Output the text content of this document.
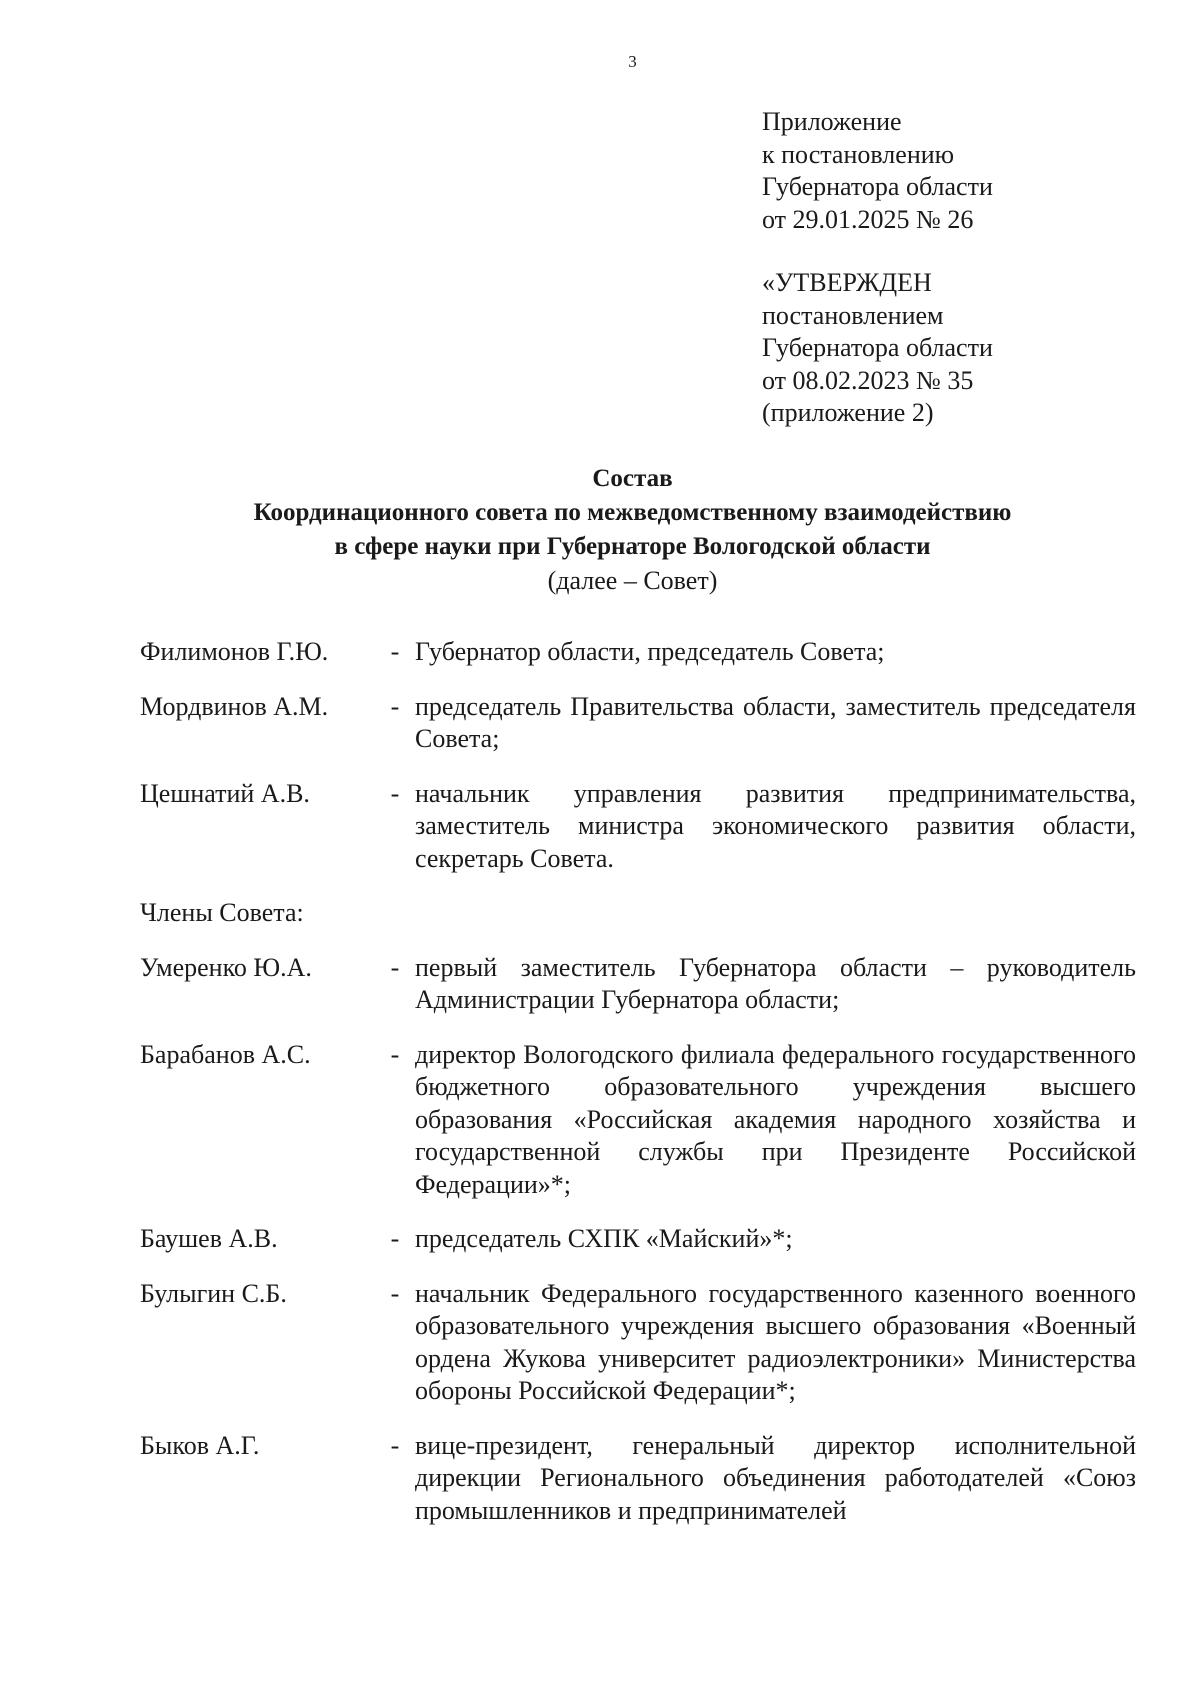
3
Приложение
к постановлению
Губернатора области
от 29.01.2025 № 26
«УТВЕРЖДЕН
постановлением
Губернатора области
от 08.02.2023 № 35
(приложение 2)
Состав
Координационного совета по межведомственному взаимодействию
в сфере науки при Губернаторе Вологодской области
(далее – Совет)
Филимонов Г.Ю.	- Губернатор области, председатель Совета;
Мордвинов А.М.	- председатель Правительства области, заместитель председателя Совета;
Цешнатий А.В.	- начальник управления развития предпринимательства, заместитель министра экономического развития области, секретарь Совета.
Члены Совета:
Умеренко Ю.А.	- первый заместитель Губернатора области – руководитель Администрации Губернатора области;
Барабанов А.С.	- директор Вологодского филиала федерального государственного бюджетного образовательного учреждения высшего образования «Российская академия народного хозяйства и государственной службы при Президенте Российской Федерации»*;
Баушев А.В.	- председатель СХПК «Майский»*;
Булыгин С.Б.	- начальник Федерального государственного казенного военного образовательного учреждения высшего образования «Военный ордена Жукова университет радиоэлектроники» Министерства обороны Российской Федерации*;
Быков А.Г.	- вице-президент, генеральный директор исполнительной дирекции Регионального объединения работодателей «Союз промышленников и предпринимателей
